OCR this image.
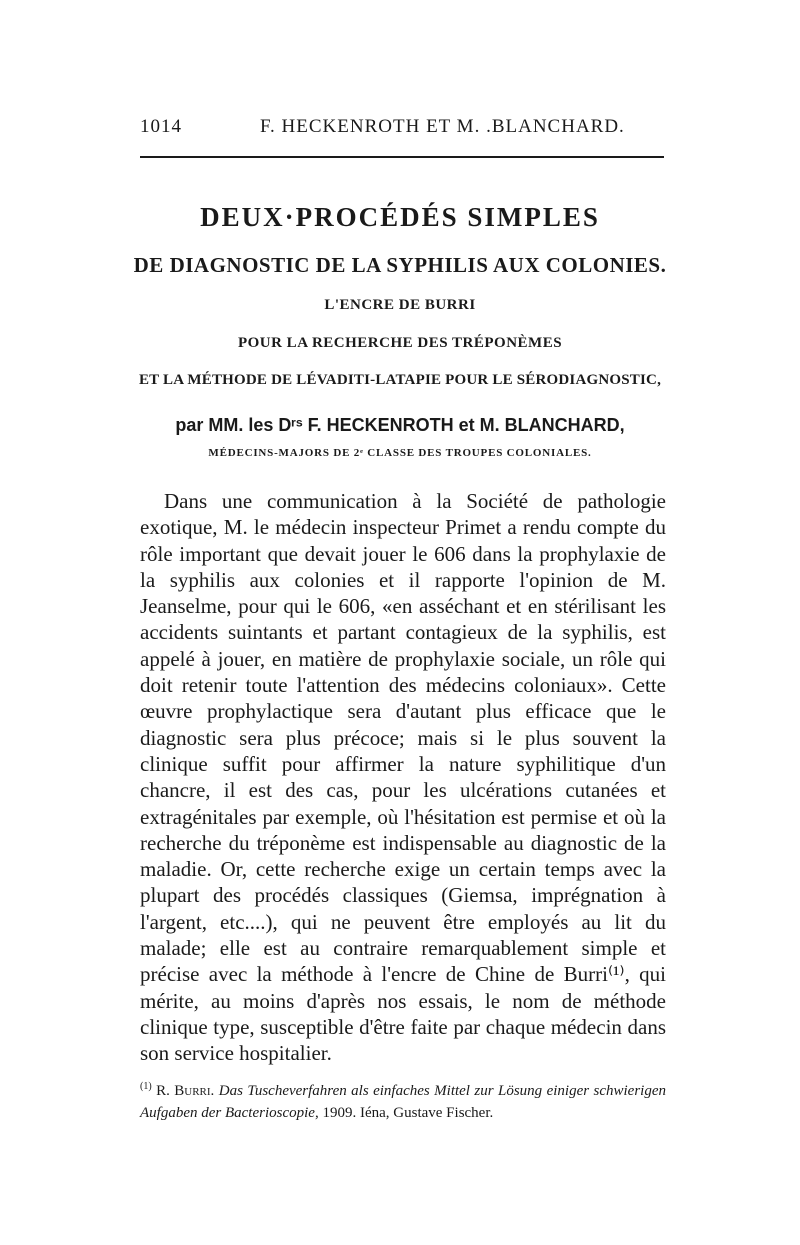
1014	F. HECKENROTH ET M. .BLANCHARD.
DEUX·PROCÉDÉS SIMPLES
DE DIAGNOSTIC DE LA SYPHILIS AUX COLONIES.
L'ENCRE DE BURRI
POUR LA RECHERCHE DES TRÉPONÈMES
ET LA MÉTHODE DE LÉVADITI-LATAPIE POUR LE SÉRODIAGNOSTIC,
par MM. les Dʳˢ F. HECKENROTH et M. BLANCHARD,
MÉDECINS-MAJORS DE 2ᵉ CLASSE DES TROUPES COLONIALES.

Dans une communication à la Société de pathologie exotique, M. le médecin inspecteur Primet a rendu compte du rôle important que devait jouer le 606 dans la prophylaxie de la syphilis aux colonies et il rapporte l'opinion de M. Jeanselme, pour qui le 606, «en asséchant et en stérilisant les accidents suintants et partant contagieux de la syphilis, est appelé à jouer, en matière de prophylaxie sociale, un rôle qui doit retenir toute l'attention des médecins coloniaux». Cette œuvre prophylactique sera d'autant plus efficace que le diagnostic sera plus précoce; mais si le plus souvent la clinique suffit pour affirmer la nature syphilitique d'un chancre, il est des cas, pour les ulcérations cutanées et extragénitales par exemple, où l'hésitation est permise et où la recherche du tréponème est indispensable au diagnostic de la maladie. Or, cette recherche exige un certain temps avec la plupart des procédés classiques (Giemsa, imprégnation à l'argent, etc....), qui ne peuvent être employés au lit du malade; elle est au contraire remarquablement simple et précise avec la méthode à l'encre de Chine de Burri⁽¹⁾, qui mérite, au moins d'après nos essais, le nom de méthode clinique type, susceptible d'être faite par chaque médecin dans son service hospitalier.

$^{(1)}$ R. Burri. Das Tuscheverfahren als einfaches Mittel zur Lösung einiger schwierigen Aufgaben der Bacterioscopie, 1909. Iéna, Gustave Fischer.
